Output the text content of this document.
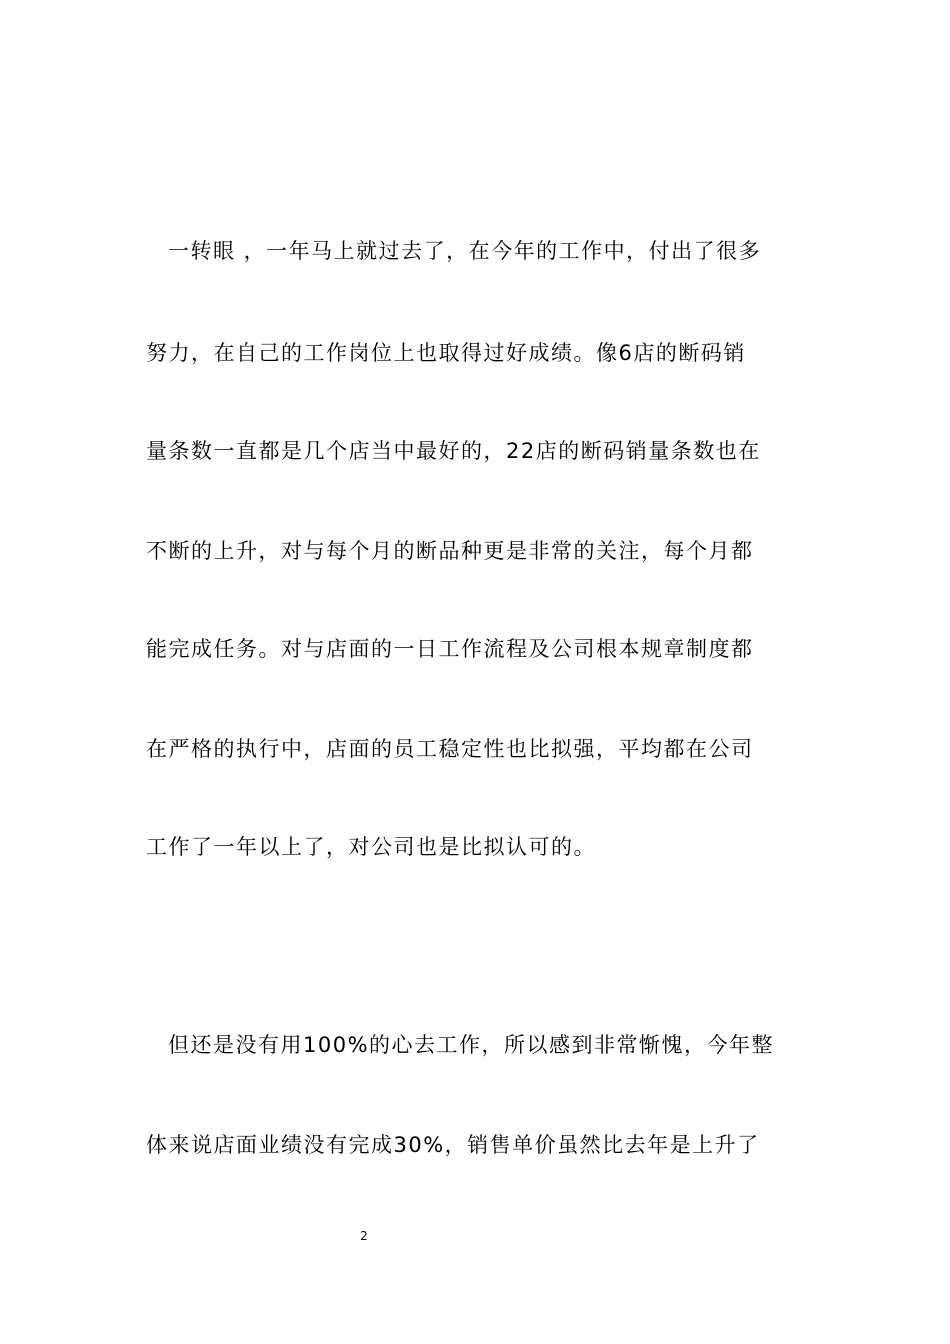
一转眼 ，一年马上就过去了，在今年的工作中，付出了很多
努力，在自己的工作岗位上也取得过好成绩。像6店的断码销
量条数一直都是几个店当中最好的，22店的断码销量条数也在
不断的上升，对与每个月的断品种更是非常的关注，每个月都
能完成任务。对与店面的一日工作流程及公司根本规章制度都
在严格的执行中，店面的员工稳定性也比拟强，平均都在公司
工作了一年以上了，对公司也是比拟认可的。
但还是没有用100%的心去工作，所以感到非常惭愧，今年整
体来说店面业绩没有完成30%，销售单价虽然比去年是上升了
2
